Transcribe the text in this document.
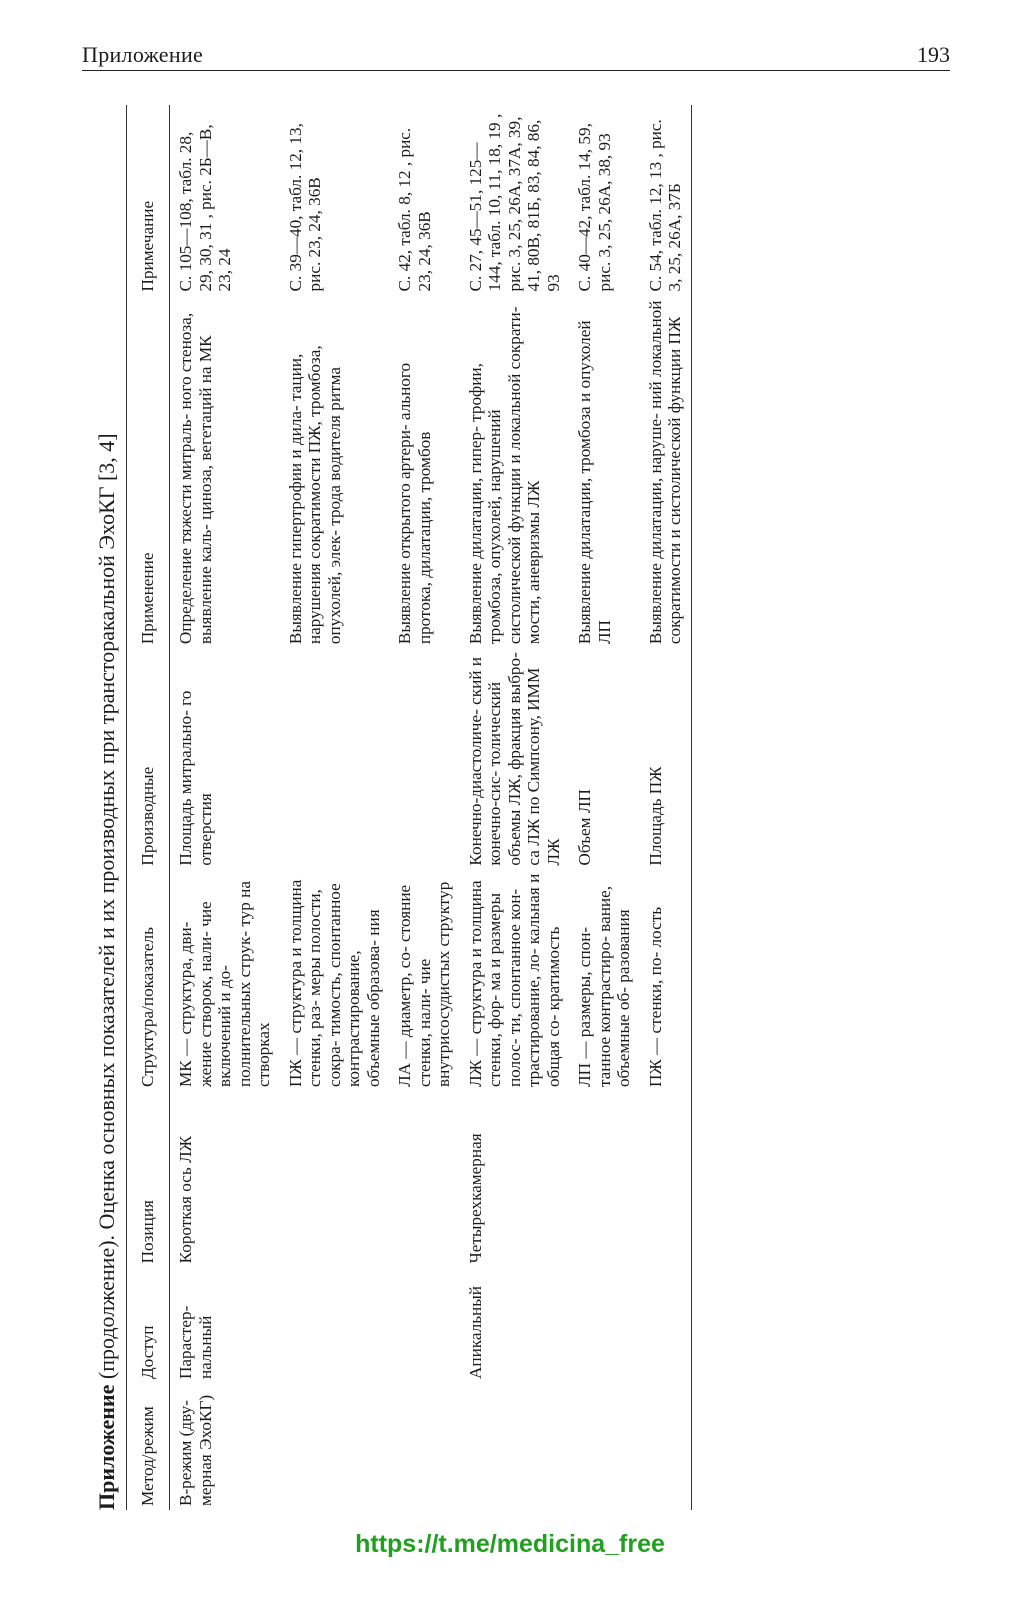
Приложение	193
Приложение (продолжение). Оценка основных показателей и их производных при трансторакальной ЭхоКГ [3, 4]
Метод/режим	Доступ	Позиция	Структура/показатель	Производные	Применение	Примечание
B-режим (дву- мерная ЭхоКГ)	Парастер- нальный	Короткая ось ЛЖ	МК — структура, дви- жение створок, нали- чие включений и до- полнительных струк- тур на створках	Площадь митрально- го отверстия	Определение тяжести митраль- ного стеноза, выявление каль- циноза, вегетаций на МК	С. 105—108, табл. 28, 29, 30, 31 , рис. 2Б—В, 23, 24
			ПЖ — структура и толщина стенки, раз- меры полости, сокра- тимость, спонтанное контрастирование, объемные образова- ния		Выявление гипертрофии и дила- тации, нарушения сократимости ПЖ, тромбоза, опухолей, элек- трода водителя ритма	С. 39—40, табл. 12, 13, рис. 23, 24, 36В
			ЛА — диаметр, со- стояние стенки, нали- чие внутрисосудистых структур		Выявление открытого артери- ального протока, дилатации, тромбов	С. 42, табл. 8, 12 , рис. 23, 24, 36В
	Апикальный	Четырехкамерная	ЛЖ — структура и толщина стенки, фор- ма и размеры полос- ти, спонтанное кон- трастирование, ло- кальная и общая со- кратимость	Конечно-диастоличе- ский и конечно-сис- толический объемы ЛЖ, фракция выбро- са ЛЖ по Симпсону, ИММ ЛЖ	Выявление дилатации, гипер- трофии, тромбоза, опухолей, нарушений систолической функции и локальной сократи- мости, аневризмы ЛЖ	С. 27, 45—51, 125— 144, табл. 10, 11, 18, 19 , рис. 3, 25, 26А, 37А, 39, 41, 80В, 81Б, 83, 84, 86, 93
			ЛП — размеры, спон- танное контрастиро- вание, объемные об- разования	Объем ЛП	Выявление дилатации, тромбоза и опухолей ЛП	С. 40—42, табл. 14, 59, рис. 3, 25, 26А, 38, 93
			ПЖ — стенки, по- лость	Площадь ПЖ	Выявление дилатации, наруше- ний локальной сократимости и систолической функции ПЖ	С. 54, табл. 12, 13 , рис. 3, 25, 26А, 37Б
https://t.me/medicina_free
